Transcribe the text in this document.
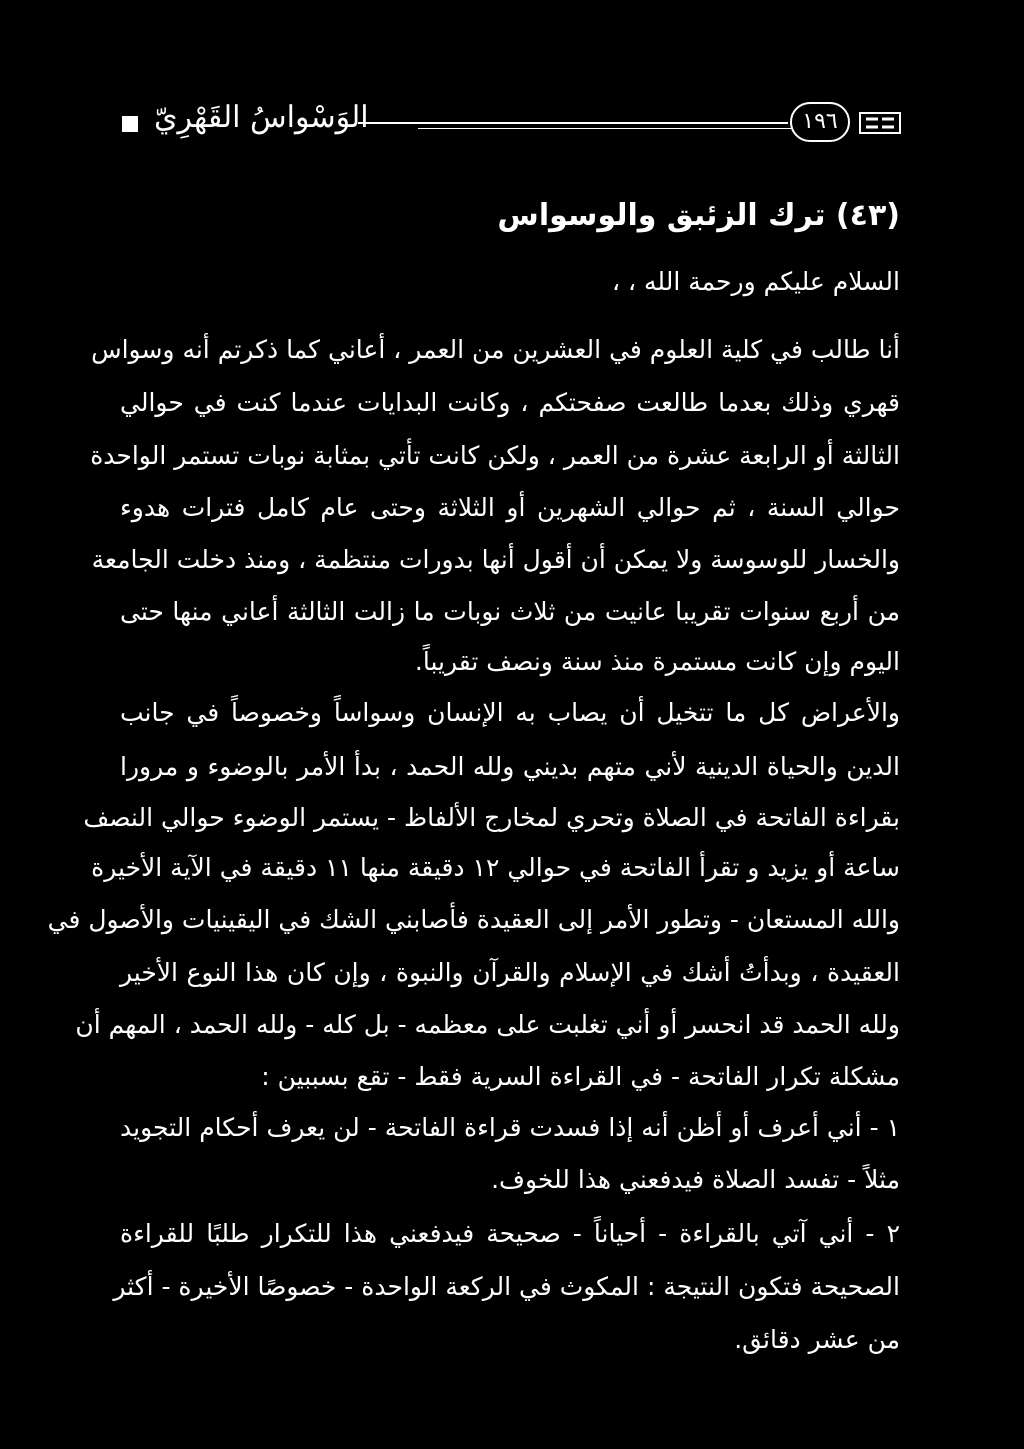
الوَسْواسُ القَهْرِيّ	١٩٦
(٤٣) ترك الزئبق والوسواس
السلام عليكم ورحمة الله ، ،
أنا طالب في كلية العلوم في العشرين من العمر ، أعاني كما ذكرتم أنه وسواس
قهري وذلك بعدما طالعت صفحتكم ، وكانت البدايات عندما كنت في حوالي
الثالثة أو الرابعة عشرة من العمر ، ولكن كانت تأتي بمثابة نوبات تستمر الواحدة
حوالي السنة ، ثم حوالي الشهرين أو الثلاثة وحتى عام كامل فترات هدوء
والخسار للوسوسة ولا يمكن أن أقول أنها بدورات منتظمة ، ومنذ دخلت الجامعة
من أربع سنوات تقريبا عانيت من ثلاث نوبات ما زالت الثالثة أعاني منها حتى
اليوم وإن كانت مستمرة منذ سنة ونصف تقريباً.
والأعراض كل ما تتخيل أن يصاب به الإنسان وسواساً وخصوصاً في جانب
الدين والحياة الدينية لأني متهم بديني ولله الحمد ، بدأ الأمر بالوضوء و مرورا
بقراءة الفاتحة في الصلاة وتحري لمخارج الألفاظ - يستمر الوضوء حوالي النصف
ساعة أو يزيد و تقرأ الفاتحة في حوالي ١٢ دقيقة منها ١١ دقيقة في الآية الأخيرة
والله المستعان - وتطور الأمر إلى العقيدة فأصابني الشك في اليقينيات والأصول في
العقيدة ، وبدأتُ أشك في الإسلام والقرآن والنبوة ، وإن كان هذا النوع الأخير
ولله الحمد قد انحسر أو أني تغلبت على معظمه - بل كله - ولله الحمد ، المهم أن
مشكلة تكرار الفاتحة - في القراءة السرية فقط - تقع بسببين :
١ - أني أعرف أو أظن أنه إذا فسدت قراءة الفاتحة - لن يعرف أحكام التجويد
مثلاً - تفسد الصلاة فيدفعني هذا للخوف.
٢ - أني آتي بالقراءة - أحياناً - صحيحة فيدفعني هذا للتكرار طلبًا للقراءة
الصحيحة فتكون النتيجة : المكوث في الركعة الواحدة - خصوصًا الأخيرة - أكثر
من عشر دقائق.
